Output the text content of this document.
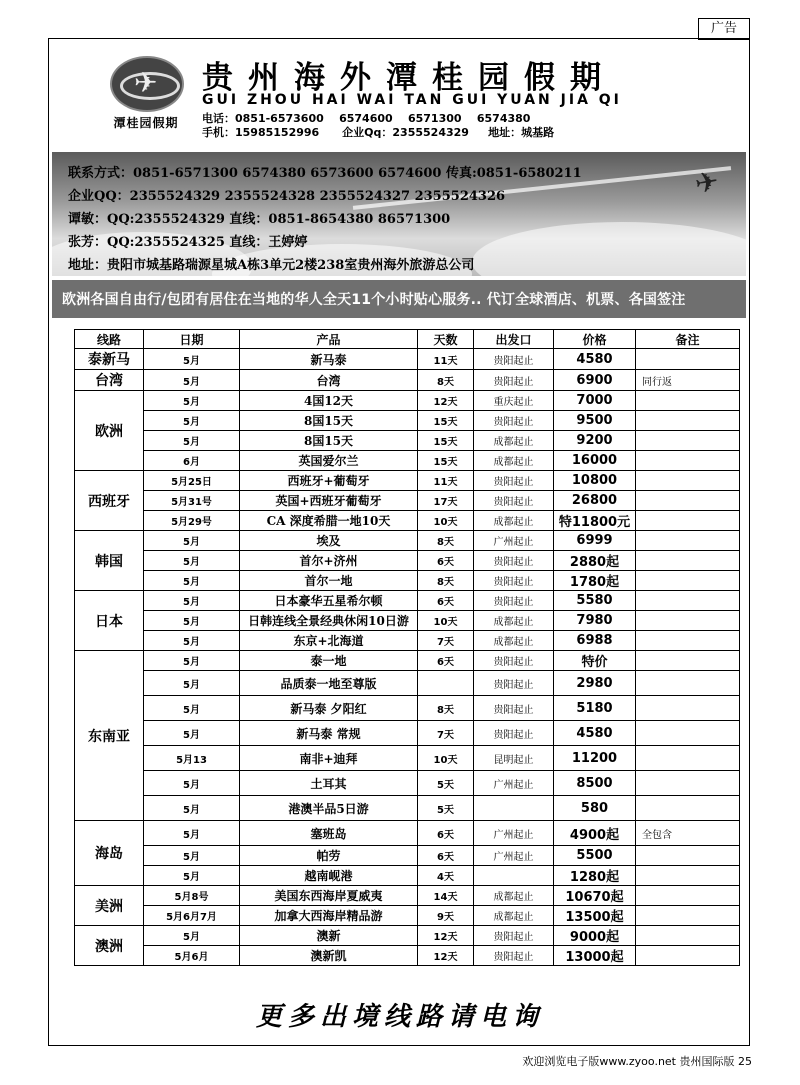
广告
✈
潭桂园假期
贵州海外潭桂园假期
GUI ZHOU HAI WAI TAN GUI YUAN JIA QI
电话：0851-6573600    6574600    6571300    6574380
手机：15985152996      企业Qq：2355524329     地址：城基路
✈
联系方式：0851-6571300 6574380 6573600 6574600 传真:0851-6580211
企业QQ：2355524329 2355524328 2355524327 2355524326
谭敏：QQ:2355524329 直线：0851-8654380 86571300
张芳：QQ:2355524325 直线：王婷婷
地址：贵阳市城基路瑞源星城A栋3单元2楼238室贵州海外旅游总公司
欧洲各国自由行/包团有居住在当地的华人全天11个小时贴心服务.. 代订全球酒店、机票、各国签注
线路	日期	产品	天数	出发口	价格	备注
泰新马	5月	新马泰	11天	贵阳起止	4580	
台湾	5月	台湾	8天	贵阳起止	6900	同行返
欧洲	5月	4国12天	12天	重庆起止	7000	
	5月	8国15天	15天	贵阳起止	9500	
	5月	8国15天	15天	成都起止	9200	
	6月	英国爱尔兰	15天	成都起止	16000	
西班牙	5月25日	西班牙+葡萄牙	11天	贵阳起止	10800	
	5月31号	英国+西班牙葡萄牙	17天	贵阳起止	26800	
	5月29号	CA 深度希腊一地10天	10天	成都起止	特11800元	
韩国	5月	埃及	8天	广州起止	6999	
	5月	首尔+济州	6天	贵阳起止	2880起	
	5月	首尔一地	8天	贵阳起止	1780起	
日本	5月	日本豪华五星希尔顿	6天	贵阳起止	5580	
	5月	日韩连线全景经典休闲10日游	10天	成都起止	7980	
	5月	东京+北海道	7天	成都起止	6988	
东南亚	5月	泰一地	6天	贵阳起止	特价	
	5月	品质泰一地至尊版		贵阳起止	2980	
	5月	新马泰 夕阳红	8天	贵阳起止	5180	
	5月	新马泰 常规	7天	贵阳起止	4580	
	5月13	南非+迪拜	10天	昆明起止	11200	
	5月	土耳其	5天	广州起止	8500	
	5月	港澳半品5日游	5天		580	
海岛	5月	塞班岛	6天	广州起止	4900起	全包含
	5月	帕劳	6天	广州起止	5500	
	5月	越南岘港	4天		1280起	
美洲	5月8号	美国东西海岸夏威夷	14天	成都起止	10670起	
	5月6月7月	加拿大西海岸精品游	9天	成都起止	13500起	
澳洲	5月	澳新	12天	贵阳起止	9000起	
	5月6月	澳新凯	12天	贵阳起止	13000起	
更多出境线路请电询
欢迎浏览电子版www.zyoo.net 贵州国际版 25
